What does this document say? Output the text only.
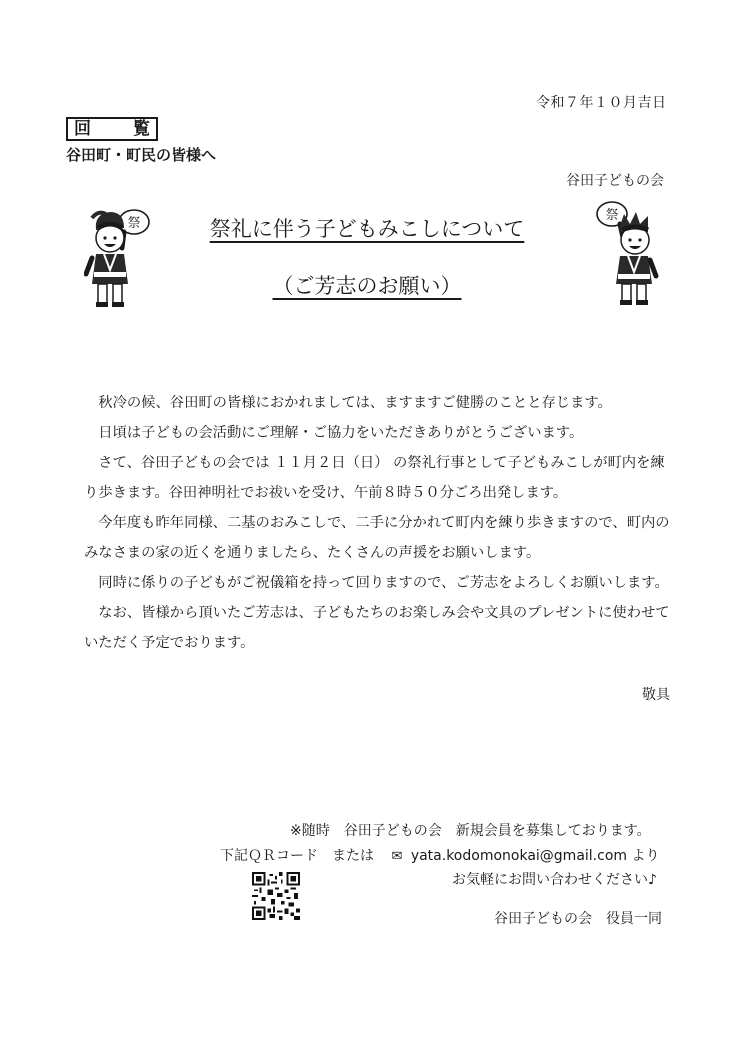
令和７年１０月吉日
回 覧
谷田町・町民の皆様へ
谷田子どもの会
祭
祭
祭礼に伴う子どもみこしについて
（ご芳志のお願い）

　秋冷の候、谷田町の皆様におかれましては、ますますご健勝のことと存じます。

　日頃は子どもの会活動にご理解・ご協力をいただきありがとうございます。

　さて、谷田子どもの会では １１月２日（日） の祭礼行事として子どもみこしが町内を練り歩きます。谷田神明社でお祓いを受け、午前８時５０分ごろ出発します。

　今年度も昨年同様、二基のおみこしで、二手に分かれて町内を練り歩きますので、町内のみなさまの家の近くを通りましたら、たくさんの声援をお願いします。

　同時に係りの子どもがご祝儀箱を持って回りますので、ご芳志をよろしくお願いします。

　なお、皆様から頂いたご芳志は、子どもたちのお楽しみ会や文具のプレゼントに使わせていただく予定でおります。

敬具
※随時　谷田子どもの会　新規会員を募集しております。
下記ＱＲコード　または 　✉ yata.kodomonokai@gmail.com より
お気軽にお問い合わせください♪
谷田子どもの会　役員一同
